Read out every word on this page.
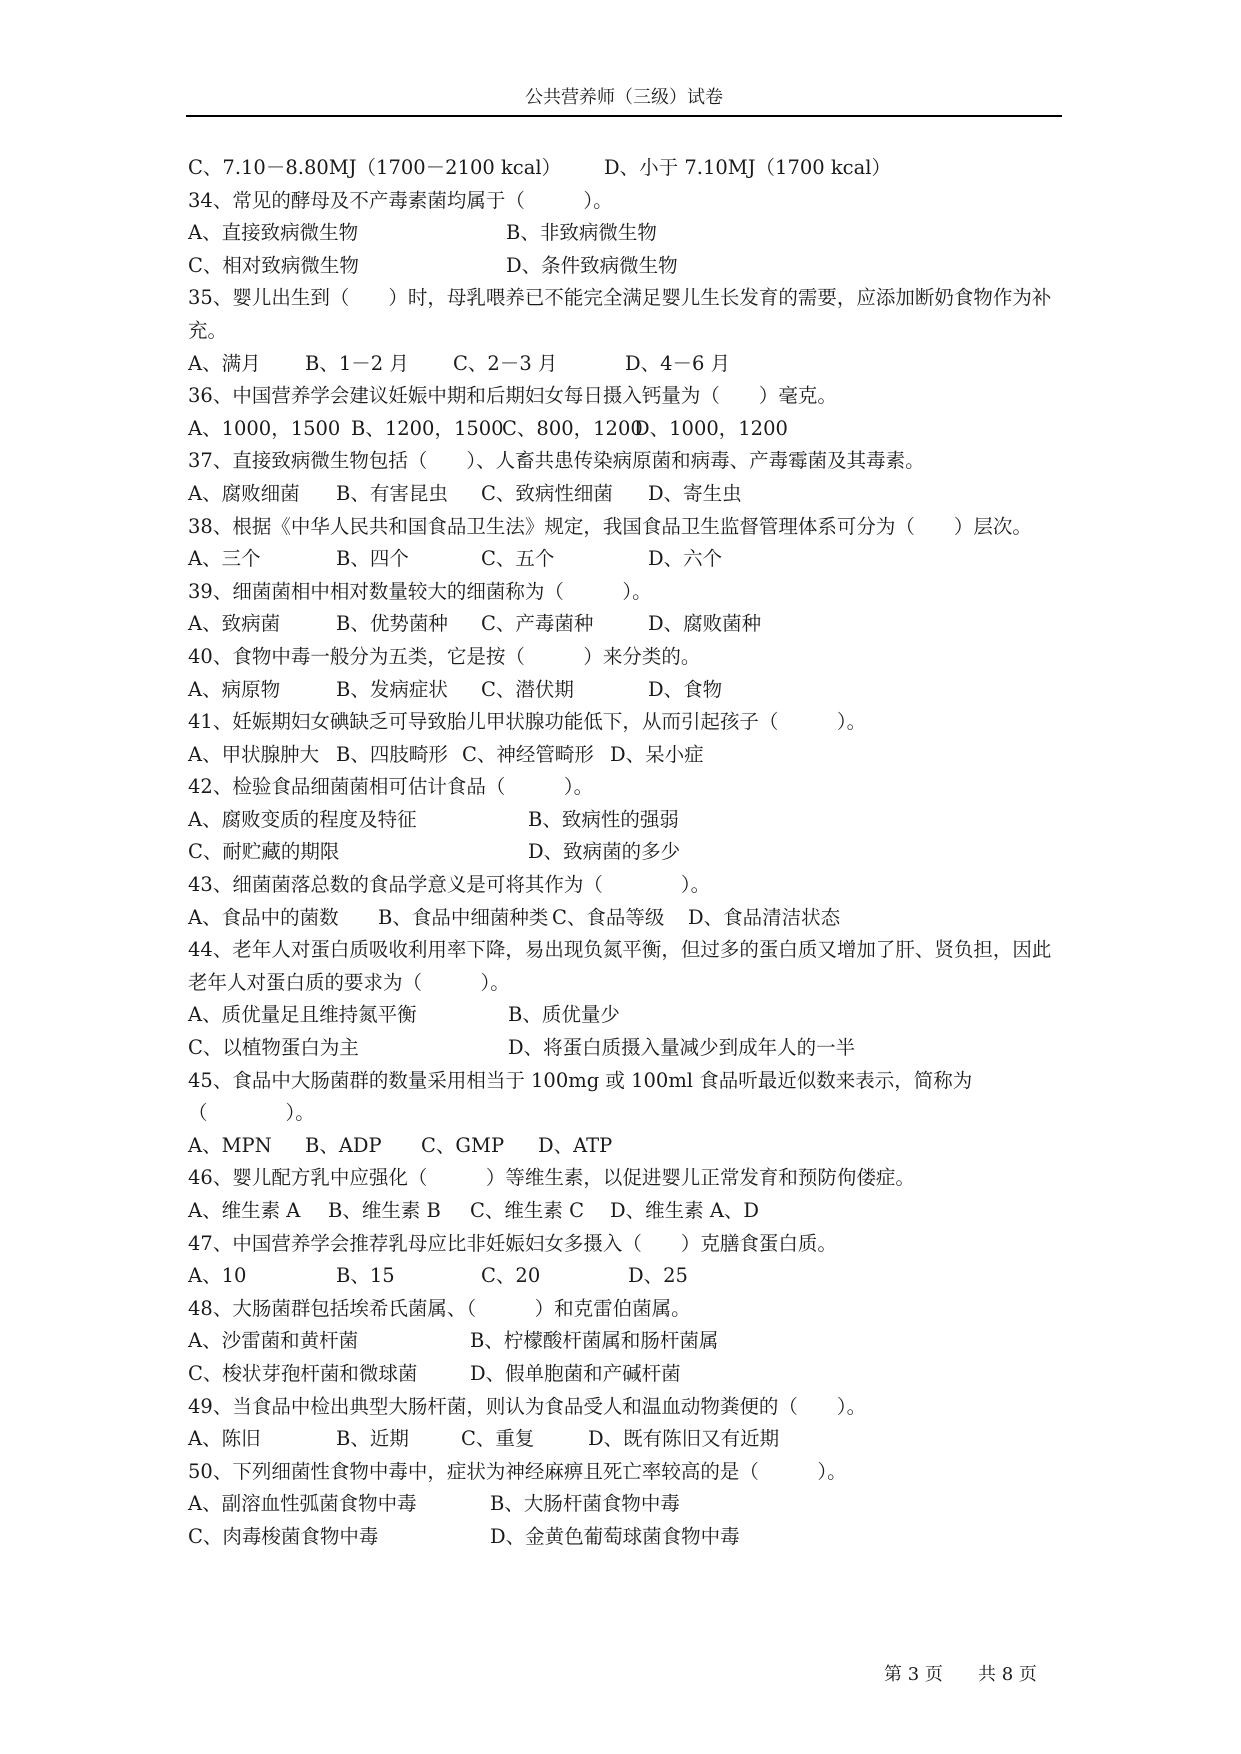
公共营养师（三级）试卷
C、7.10－8.80MJ（1700－2100 kcal） D、小于 7.10MJ（1700 kcal）
34、常见的酵母及不产毒素菌均属于（　　　）。
A、直接致病微生物	B、非致病微生物
C、相对致病微生物	D、条件致病微生物
35、婴儿出生到（　　）时，母乳喂养已不能完全满足婴儿生长发育的需要，应添加断奶食物作为补充。
A、满月 B、1－2 月 C、2－3 月	D、4－6 月
36、中国营养学会建议妊娠中期和后期妇女每日摄入钙量为（　　）毫克。
A、1000，1500 B、1200，1500
C、800，1200
D、1000，1200
37、直接致病微生物包括（　　）、人畜共患传染病原菌和病毒、产毒霉菌及其毒素。
A、腐败细菌 B、有害昆虫 C、致病性细菌 D、寄生虫
38、根据《中华人民共和国食品卫生法》规定，我国食品卫生监督管理体系可分为（　　）层次。
A、三个	B、四个	C、五个	D、六个
39、细菌菌相中相对数量较大的细菌称为（　　　）。
A、致病菌	B、优势菌种 C、产毒菌种	D、腐败菌种
40、食物中毒一般分为五类，它是按（　　　）来分类的。
A、病原物	B、发病症状 C、潜伏期	D、食物
41、妊娠期妇女碘缺乏可导致胎儿甲状腺功能低下，从而引起孩子（　　　）。
A、甲状腺肿大 B、四肢畸形 C、神经管畸形 D、呆小症
42、检验食品细菌菌相可估计食品（　　　）。
A、腐败变质的程度及特征	B、致病性的强弱
C、耐贮藏的期限	D、致病菌的多少
43、细菌菌落总数的食品学意义是可将其作为（　　　　）。
A、食品中的菌数 B、食品中细菌种类 C、食品等级 D、食品清洁状态
44、老年人对蛋白质吸收利用率下降，易出现负氮平衡，但过多的蛋白质又增加了肝、贤负担，因此老年人对蛋白质的要求为（　　　）。
A、质优量足且维持氮平衡	B、质优量少
C、以植物蛋白为主	D、将蛋白质摄入量减少到成年人的一半
45、食品中大肠菌群的数量采用相当于 100mg 或 100ml 食品听最近似数来表示，简称为（　　　　）。
A、MPN B、ADP C、GMP D、ATP
46、婴儿配方乳中应强化（　　　）等维生素，以促进婴儿正常发育和预防佝偻症。
A、维生素 A B、维生素 B C、维生素 C D、维生素 A、D
47、中国营养学会推荐乳母应比非妊娠妇女多摄入（　　）克膳食蛋白质。
A、10	B、15	C、20	D、25
48、大肠菌群包括埃希氏菌属、（　　　）和克雷伯菌属。
A、沙雷菌和黄杆菌	B、柠檬酸杆菌属和肠杆菌属
C、梭状芽孢杆菌和微球菌	D、假单胞菌和产碱杆菌
49、当食品中检出典型大肠杆菌，则认为食品受人和温血动物粪便的（　　）。
A、陈旧	B、近期	C、重复	D、既有陈旧又有近期
50、下列细菌性食物中毒中，症状为神经麻痹且死亡率较高的是（　　　）。
A、副溶血性弧菌食物中毒	B、大肠杆菌食物中毒
C、肉毒梭菌食物中毒	D、金黄色葡萄球菌食物中毒
第 3 页 共 8 页
